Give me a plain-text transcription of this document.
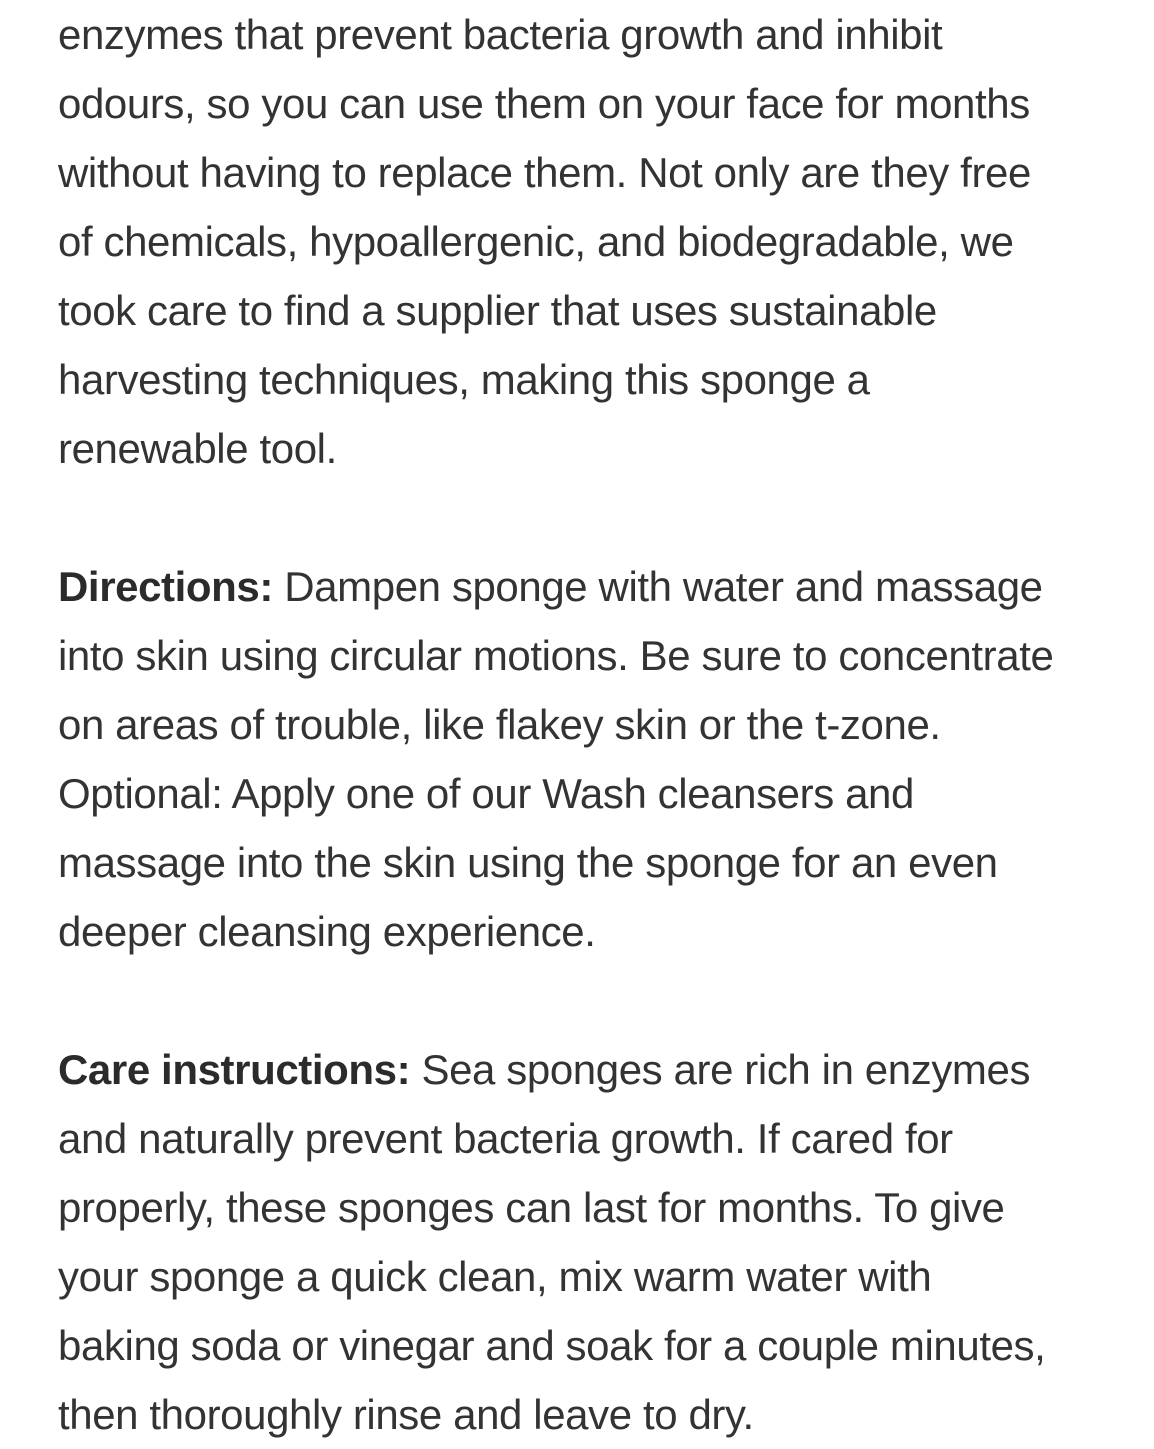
enzymes that prevent bacteria growth and inhibit
odours, so you can use them on your face for months
without having to replace them. Not only are they free
of chemicals, hypoallergenic, and biodegradable, we
took care to find a supplier that uses sustainable
harvesting techniques, making this sponge a
renewable tool.
Directions: Dampen sponge with water and massage
into skin using circular motions. Be sure to concentrate
on areas of trouble, like flakey skin or the t-zone.
Optional: Apply one of our Wash cleansers and
massage into the skin using the sponge for an even
deeper cleansing experience.
Care instructions: Sea sponges are rich in enzymes
and naturally prevent bacteria growth. If cared for
properly, these sponges can last for months. To give
your sponge a quick clean, mix warm water with
baking soda or vinegar and soak for a couple minutes,
then thoroughly rinse and leave to dry.
